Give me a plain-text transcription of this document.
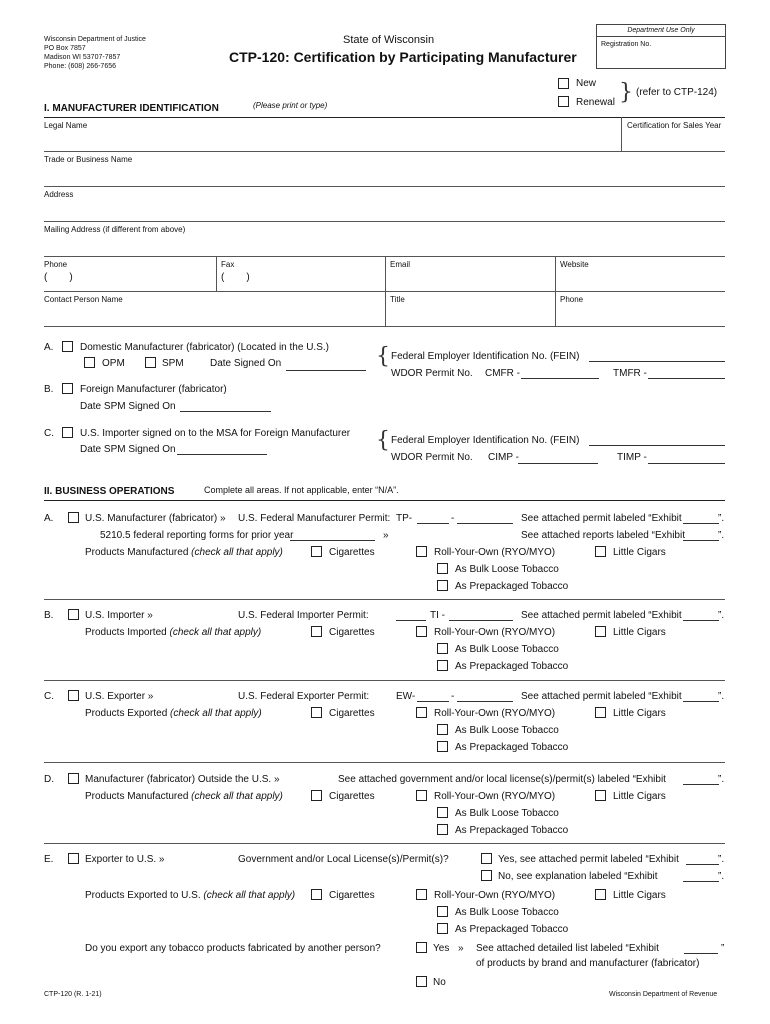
Wisconsin Department of Justice
PO Box 7857
Madison WI 53707-7857
Phone: (608) 266-7656
State of Wisconsin
CTP-120: Certification by Participating Manufacturer
Department Use Only
Registration No.
New
Renewal } (refer to CTP-124)
I. MANUFACTURER IDENTIFICATION	(Please print or type)
Legal Name	Certification for Sales Year
Trade or Business Name
Address
Mailing Address (if different from above)
Phone
( )
Fax
( )
Email	Website
Contact Person Name	Title	Phone
A.	Domestic Manufacturer (fabricator) (Located in the U.S.)
OPM	SPM	Date Signed On	{ Federal Employer Identification No. (FEIN)
WDOR Permit No. CMFR -	TMFR -
B.	Foreign Manufacturer (fabricator)
Date SPM Signed On
C.	U.S. Importer signed on to the MSA for Foreign Manufacturer
Date SPM Signed On	{ Federal Employer Identification No. (FEIN)
WDOR Permit No. CIMP -	TIMP -
II. BUSINESS OPERATIONS	Complete all areas. If not applicable, enter “N/A”.
A.	U.S. Manufacturer (fabricator) » U.S. Federal Manufacturer Permit: TP-	-	See attached permit labeled “Exhibit	”.
5210.5 federal reporting forms for prior year	»	See attached reports labeled “Exhibit	”.
Products Manufactured (check all that apply)	Cigarettes	Roll-Your-Own (RYO/MYO)	Little Cigars
As Bulk Loose Tobacco
As Prepackaged Tobacco
B.	U.S. Importer »	U.S. Federal Importer Permit:	TI -	See attached permit labeled “Exhibit	”.
Products Imported (check all that apply)	Cigarettes	Roll-Your-Own (RYO/MYO)	Little Cigars
As Bulk Loose Tobacco
As Prepackaged Tobacco
C.	U.S. Exporter »	U.S. Federal Exporter Permit:	EW-	-	See attached permit labeled “Exhibit	”.
Products Exported (check all that apply)	Cigarettes	Roll-Your-Own (RYO/MYO)	Little Cigars
As Bulk Loose Tobacco
As Prepackaged Tobacco
D.	Manufacturer (fabricator) Outside the U.S. »	See attached government and/or local license(s)/permit(s) labeled “Exhibit	”.
Products Manufactured (check all that apply)	Cigarettes	Roll-Your-Own (RYO/MYO)	Little Cigars
As Bulk Loose Tobacco
As Prepackaged Tobacco
E.	Exporter to U.S. »	Government and/or Local License(s)/Permit(s)?	Yes, see attached permit labeled “Exhibit	”.
No, see explanation labeled “Exhibit	”.
Products Exported to U.S. (check all that apply)	Cigarettes	Roll-Your-Own (RYO/MYO)	Little Cigars
As Bulk Loose Tobacco
As Prepackaged Tobacco
Do you export any tobacco products fabricated by another person?	Yes » See attached detailed list labeled “Exhibit	”
of products by brand and manufacturer (fabricator)
No
CTP-120 (R. 1-21)	Wisconsin Department of Revenue
